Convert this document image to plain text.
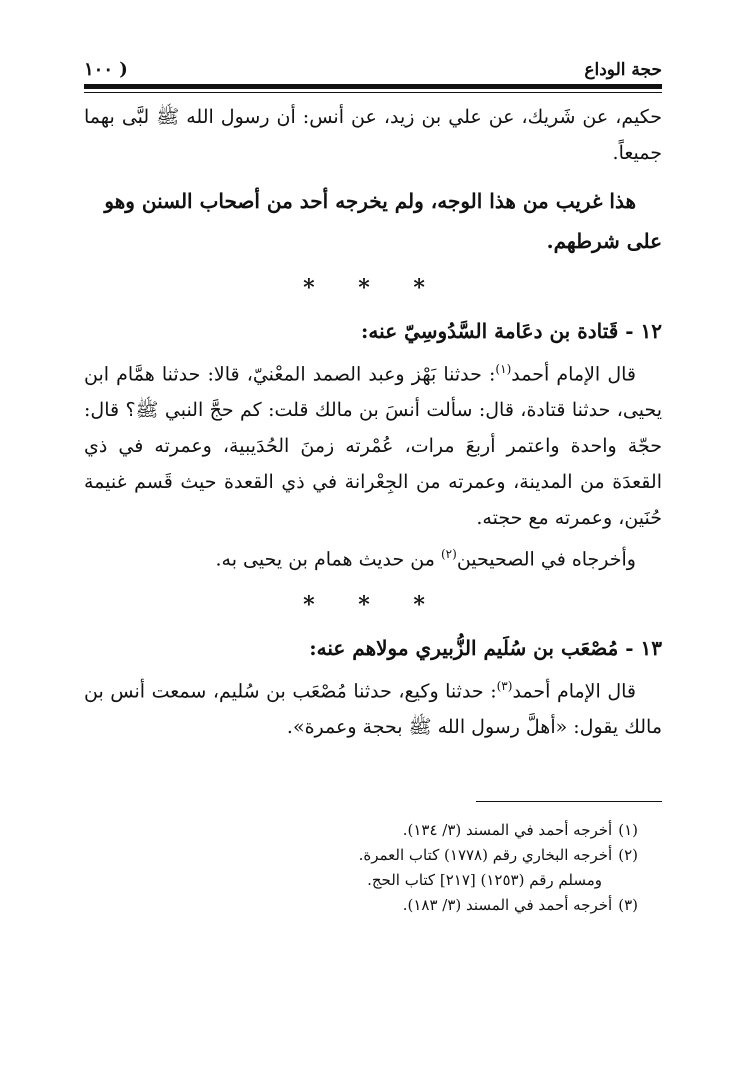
حجة الوداع
( ١٠٠

حكيم، عن شَريك، عن علي بن زيد، عن أنس: أن رسول الله ﷺ لبَّى بهما جميعاً.

هذا غريب من هذا الوجه، ولم يخرجه أحد من أصحاب السنن وهو على شرطهم.

* * *

١٢ - قَتادة بن دعَامة السَّدُوسِيّ عنه:

قال الإمام أحمد$^{(١)}$: حدثنا بَهْز وعبد الصمد المعْنيّ، قالا: حدثنا همَّام ابن يحيى، حدثنا قتادة، قال: سألت أنسَ بن مالك قلت: كم حجَّ النبي ﷺ؟ قال: حجّة واحدة واعتمر أربعَ مرات، عُمْرته زمنَ الحُدَيبية، وعمرته في ذي القعدَة من المدينة، وعمرته من الجِعْرانة في ذي القعدة حيث قَسم غنيمة حُنَين، وعمرته مع حجته.

وأخرجاه في الصحيحين$^{(٢)}$ من حديث همام بن يحيى به.

* * *

١٣ - مُصْعَب بن سُلَيم الزُّبيري مولاهم عنه:

قال الإمام أحمد$^{(٣)}$: حدثنا وكيع، حدثنا مُصْعَب بن سُليم، سمعت أنس بن مالك يقول: «أهلَّ رسول الله ﷺ بحجة وعمرة».

(١)أخرجه أحمد في المسند (٣/ ١٣٤).
(٢)أخرجه البخاري رقم (١٧٧٨) كتاب العمرة.
ومسلم رقم (١٢٥٣) [٢١٧] كتاب الحج.
(٣)أخرجه أحمد في المسند (٣/ ١٨٣).
